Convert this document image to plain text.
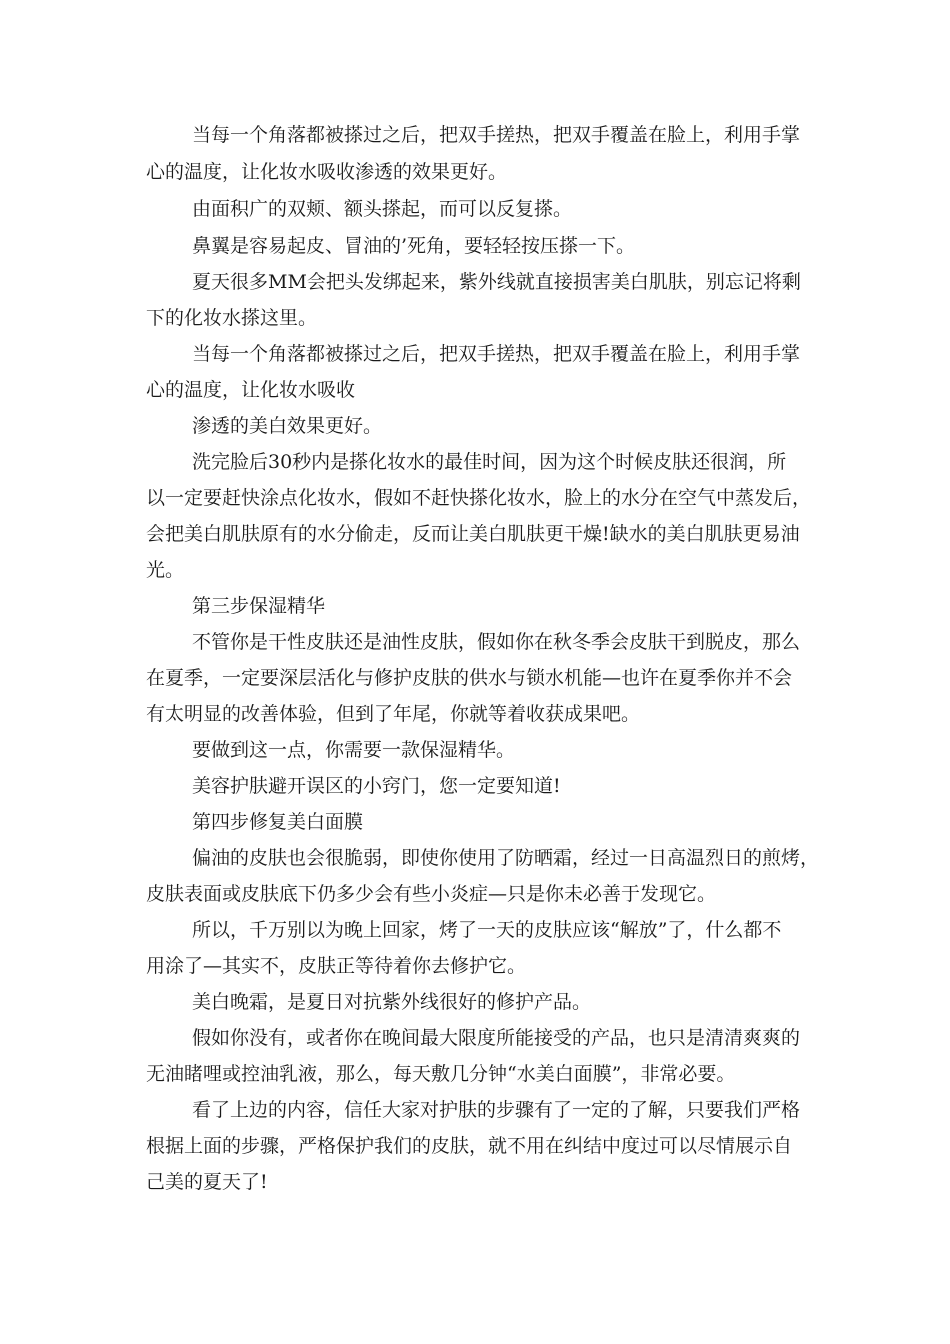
当每一个角落都被搽过之后，把双手搓热，把双手覆盖在脸上，利用手掌

心的温度，让化妆水吸收渗透的效果更好。

由面积广的双颊、额头搽起，而可以反复搽。

鼻翼是容易起皮、冒油的’死角，要轻轻按压搽一下。

夏天很多MM会把头发绑起来，紫外线就直接损害美白肌肤，别忘记将剩

下的化妆水搽这里。

当每一个角落都被搽过之后，把双手搓热，把双手覆盖在脸上，利用手掌

心的温度，让化妆水吸收

渗透的美白效果更好。

洗完脸后30秒内是搽化妆水的最佳时间，因为这个时候皮肤还很润，所

以一定要赶快涂点化妆水，假如不赶快搽化妆水，脸上的水分在空气中蒸发后，

会把美白肌肤原有的水分偷走，反而让美白肌肤更干燥!缺水的美白肌肤更易油

光。

第三步保湿精华

不管你是干性皮肤还是油性皮肤，假如你在秋冬季会皮肤干到脱皮，那么

在夏季，一定要深层活化与修护皮肤的供水与锁水机能—也许在夏季你并不会

有太明显的改善体验，但到了年尾，你就等着收获成果吧。

要做到这一点，你需要一款保湿精华。

美容护肤避开误区的小窍门，您一定要知道!

第四步修复美白面膜

偏油的皮肤也会很脆弱，即使你使用了防晒霜，经过一日高温烈日的煎烤，

皮肤表面或皮肤底下仍多少会有些小炎症—只是你未必善于发现它。

所以，千万别以为晚上回家，烤了一天的皮肤应该“解放”了，什么都不

用涂了—其实不，皮肤正等待着你去修护它。

美白晚霜，是夏日对抗紫外线很好的修护产品。

假如你没有，或者你在晚间最大限度所能接受的产品，也只是清清爽爽的

无油睹哩或控油乳液，那么，每天敷几分钟“水美白面膜”，非常必要。

看了上边的内容，信任大家对护肤的步骤有了一定的了解，只要我们严格

根据上面的步骤，严格保护我们的皮肤，就不用在纠结中度过可以尽情展示自

己美的夏天了!
